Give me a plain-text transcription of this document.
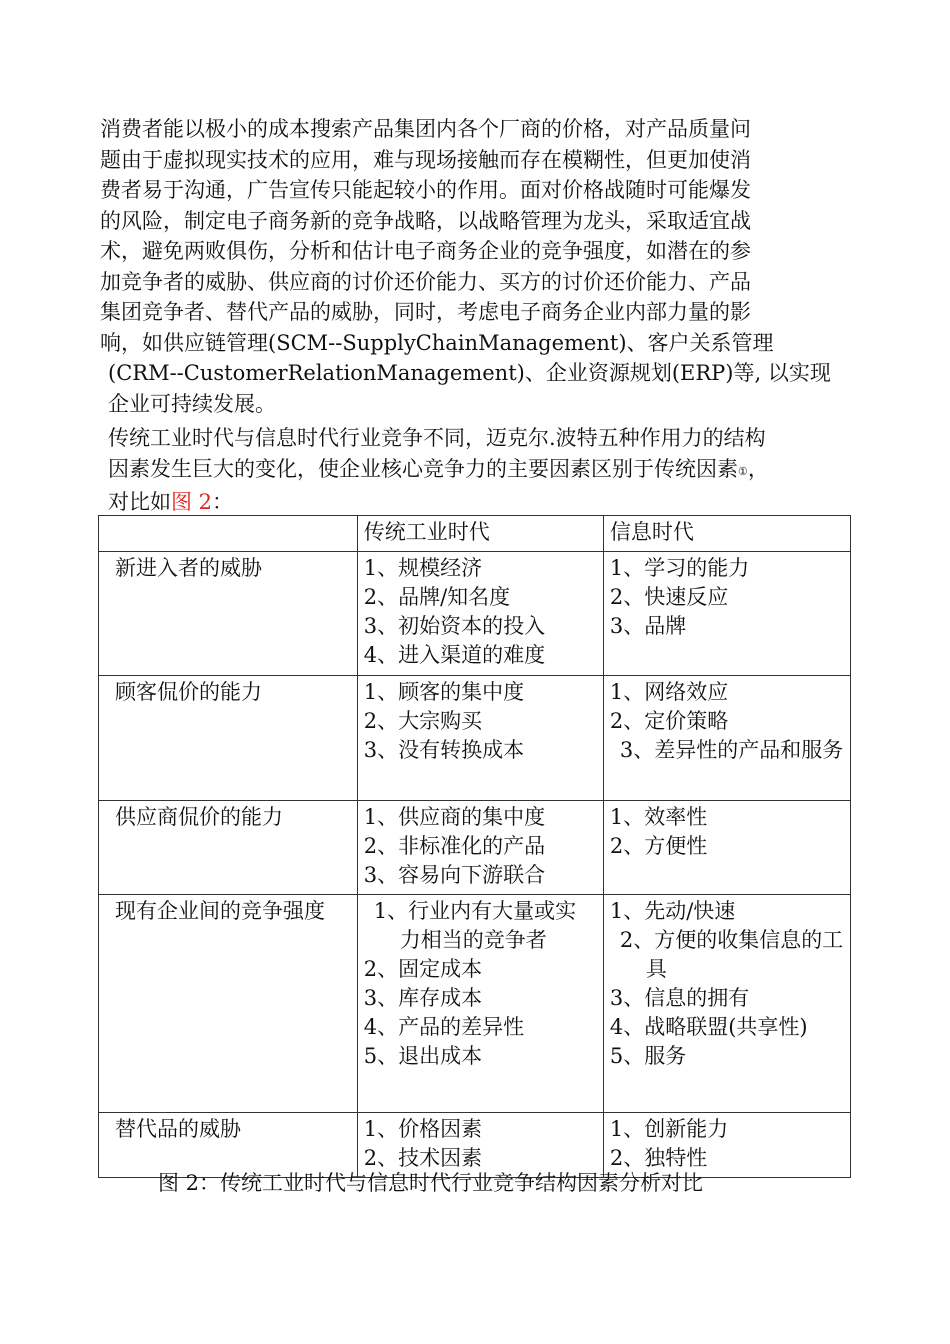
消费者能以极小的成本搜索产品集团内各个厂商的价格，对产品质量问
题由于虚拟现实技术的应用，难与现场接触而存在模糊性，但更加使消
费者易于沟通，广告宣传只能起较小的作用。面对价格战随时可能爆发
的风险，制定电子商务新的竞争战略，以战略管理为龙头，采取适宜战
术，避免两败俱伤，分析和估计电子商务企业的竞争强度，如潜在的参
加竞争者的威胁、供应商的讨价还价能力、买方的讨价还价能力、产品
集团竞争者、替代产品的威胁，同时，考虑电子商务企业内部力量的影
响，如供应链管理(SCM--SupplyChainManagement)、客户关系管理
(CRM--CustomerRelationManagement)、企业资源规划(ERP)等, 以实现
企业可持续发展。
传统工业时代与信息时代行业竞争不同，迈克尔.波特五种作用力的结构
因素发生巨大的变化，使企业核心竞争力的主要因素区别于传统因素①，
对比如图 2：
	传统工业时代	信息时代
新进入者的威胁	1、规模经济
2、品牌/知名度
3、初始资本的投入
4、进入渠道的难度	1、学习的能力
2、快速反应
3、品牌

顾客侃价的能力	1、顾客的集中度
2、大宗购买
3、没有转换成本	1、网络效应
2、定价策略
3、差异性的产品和服务

供应商侃价的能力	1、供应商的集中度
2、非标准化的产品
3、容易向下游联合	1、效率性
2、方便性

现有企业间的竞争强度	1、行业内有大量或实力相当的竞争者
2、固定成本
3、库存成本
4、产品的差异性
5、退出成本	1、先动/快速
2、方便的收集信息的工具
3、信息的拥有
4、战略联盟(共享性)
5、服务

替代品的威胁	1、价格因素
2、技术因素	1、创新能力
2、独特性
图 2：传统工业时代与信息时代行业竞争结构因素分析对比
